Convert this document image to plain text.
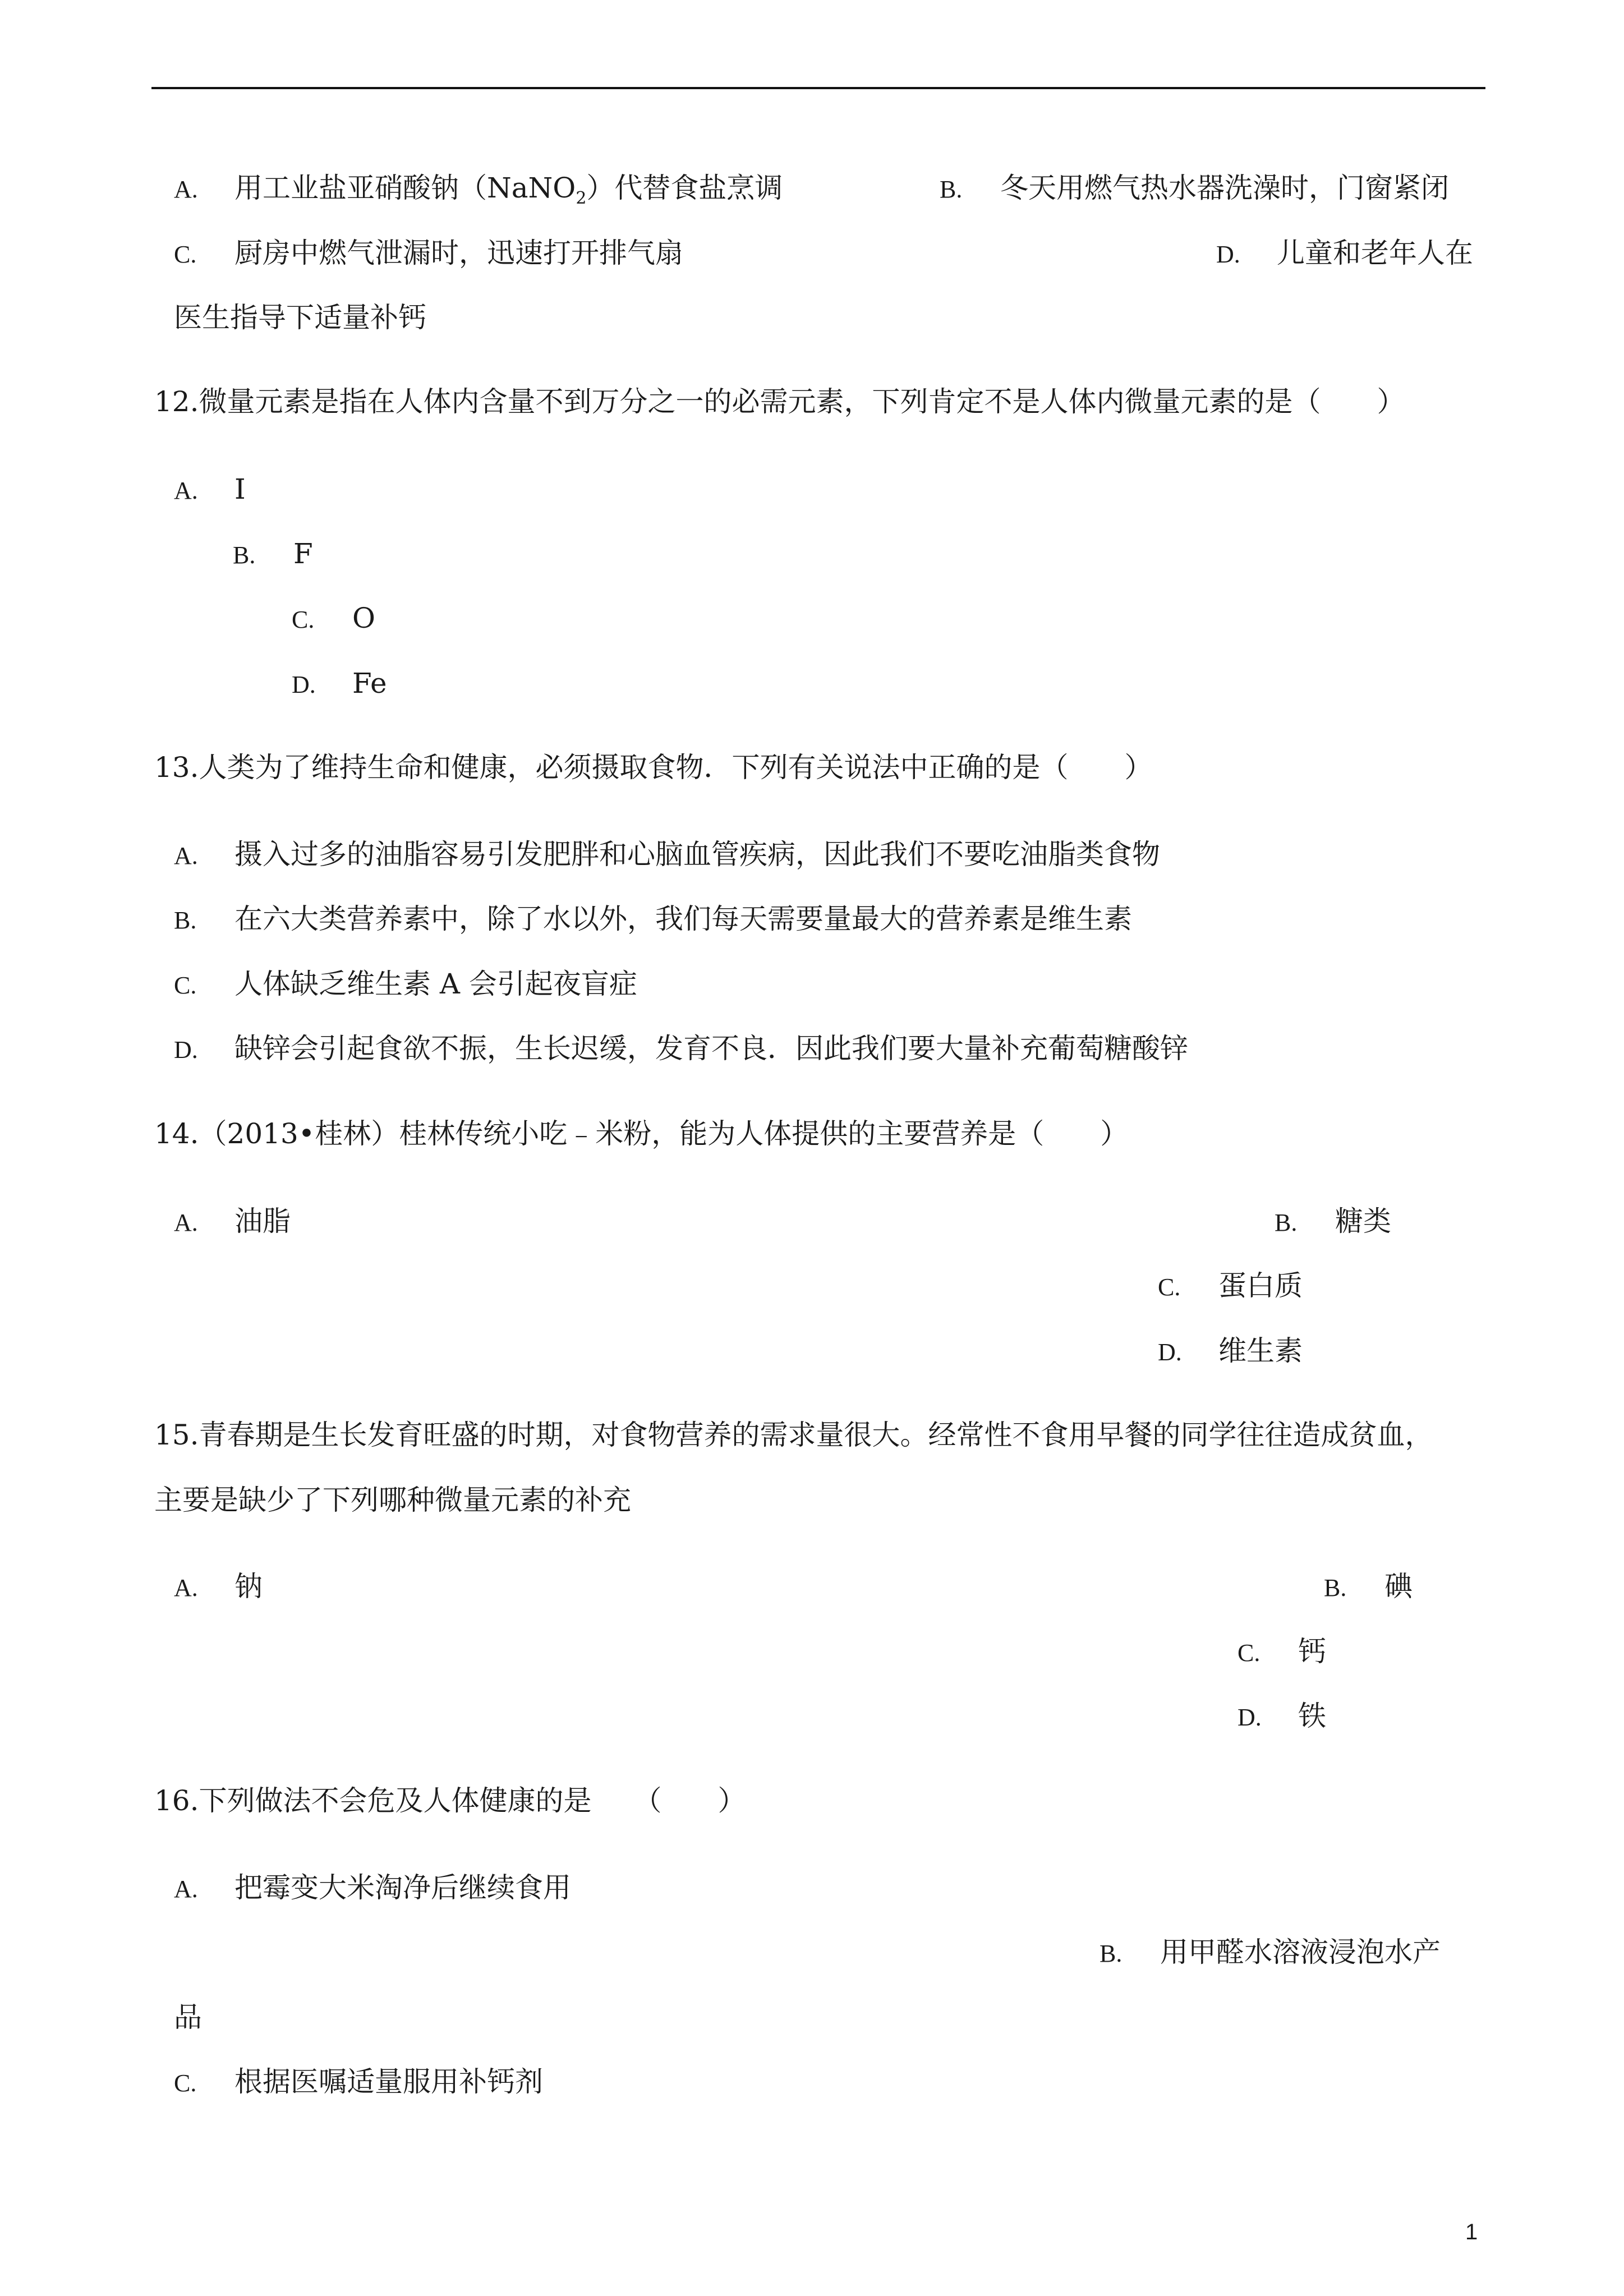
A. 用工业盐亚硝酸钠（NaNO$_2$）代替食盐烹调	B. 冬天用燃气热水器洗澡时，门窗紧闭
C. 厨房中燃气泄漏时，迅速打开排气扇	D. 儿童和老年人在
医生指导下适量补钙
12.微量元素是指在人体内含量不到万分之一的必需元素，下列肯定不是人体内微量元素的是（　　）
A. I
B. F
C. O
D. Fe
13.人类为了维持生命和健康，必须摄取食物．下列有关说法中正确的是（　　）
A. 摄入过多的油脂容易引发肥胖和心脑血管疾病，因此我们不要吃油脂类食物
B. 在六大类营养素中，除了水以外，我们每天需要量最大的营养素是维生素
C. 人体缺乏维生素 A 会引起夜盲症
D. 缺锌会引起食欲不振，生长迟缓，发育不良．因此我们要大量补充葡萄糖酸锌
14.（2013•桂林）桂林传统小吃﹣米粉，能为人体提供的主要营养是（　　）
A. 油脂	B. 糖类
C. 蛋白质
D. 维生素
15.青春期是生长发育旺盛的时期，对食物营养的需求量很大。经常性不食用早餐的同学往往造成贫血，
主要是缺少了下列哪种微量元素的补充
A. 钠	B. 碘
C. 钙
D. 铁
16.下列做法不会危及人体健康的是　　（　　）
A. 把霉变大米淘净后继续食用
B. 用甲醛水溶液浸泡水产
品
C. 根据医嘱适量服用补钙剂
1
